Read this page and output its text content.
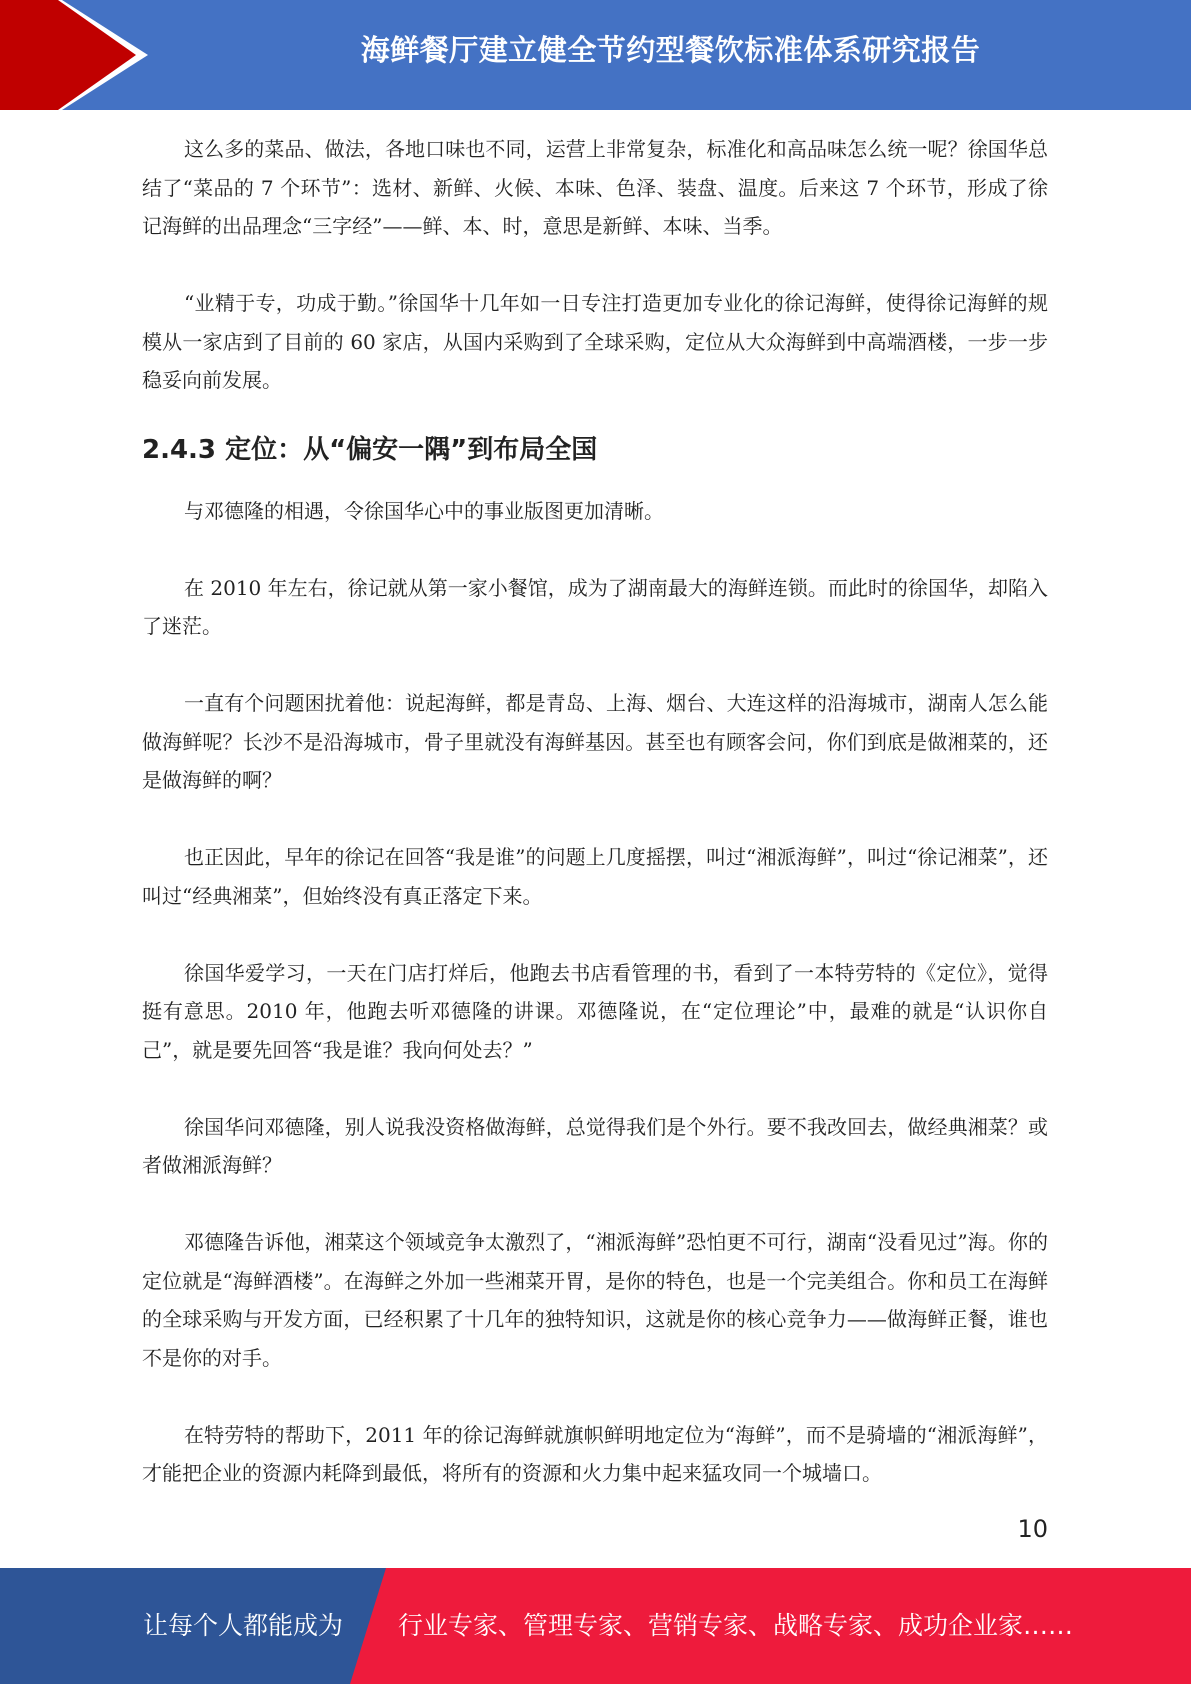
海鲜餐厅建立健全节约型餐饮标准体系研究报告

这么多的菜品、做法，各地口味也不同，运营上非常复杂，标准化和高品味怎么统一呢？徐国华总结了“菜品的 7 个环节”：选材、新鲜、火候、本味、色泽、装盘、温度。后来这 7 个环节，形成了徐记海鲜的出品理念“三字经”——鲜、本、时，意思是新鲜、本味、当季。

“业精于专，功成于勤。”徐国华十几年如一日专注打造更加专业化的徐记海鲜，使得徐记海鲜的规模从一家店到了目前的 60 家店，从国内采购到了全球采购，定位从大众海鲜到中高端酒楼，一步一步稳妥向前发展。

2.4.3 定位：从“偏安一隅”到布局全国

与邓德隆的相遇，令徐国华心中的事业版图更加清晰。

在 2010 年左右，徐记就从第一家小餐馆，成为了湖南最大的海鲜连锁。而此时的徐国华，却陷入了迷茫。

一直有个问题困扰着他：说起海鲜，都是青岛、上海、烟台、大连这样的沿海城市，湖南人怎么能做海鲜呢？长沙不是沿海城市，骨子里就没有海鲜基因。甚至也有顾客会问，你们到底是做湘菜的，还是做海鲜的啊？

也正因此，早年的徐记在回答“我是谁”的问题上几度摇摆，叫过“湘派海鲜”，叫过“徐记湘菜”，还叫过“经典湘菜”，但始终没有真正落定下来。

徐国华爱学习，一天在门店打烊后，他跑去书店看管理的书，看到了一本特劳特的《定位》，觉得挺有意思。2010 年，他跑去听邓德隆的讲课。邓德隆说，在“定位理论”中，最难的就是“认识你自己”，就是要先回答“我是谁？我向何处去？”

徐国华问邓德隆，别人说我没资格做海鲜，总觉得我们是个外行。要不我改回去，做经典湘菜？或者做湘派海鲜？

邓德隆告诉他，湘菜这个领域竞争太激烈了，“湘派海鲜”恐怕更不可行，湖南“没看见过”海。你的定位就是“海鲜酒楼”。在海鲜之外加一些湘菜开胃，是你的特色，也是一个完美组合。你和员工在海鲜的全球采购与开发方面，已经积累了十几年的独特知识，这就是你的核心竞争力——做海鲜正餐，谁也不是你的对手。

在特劳特的帮助下，2011 年的徐记海鲜就旗帜鲜明地定位为“海鲜”，而不是骑墙的“湘派海鲜”，才能把企业的资源内耗降到最低，将所有的资源和火力集中起来猛攻同一个城墙口。

10
让每个人都能成为 行业专家、管理专家、营销专家、战略专家、成功企业家……
